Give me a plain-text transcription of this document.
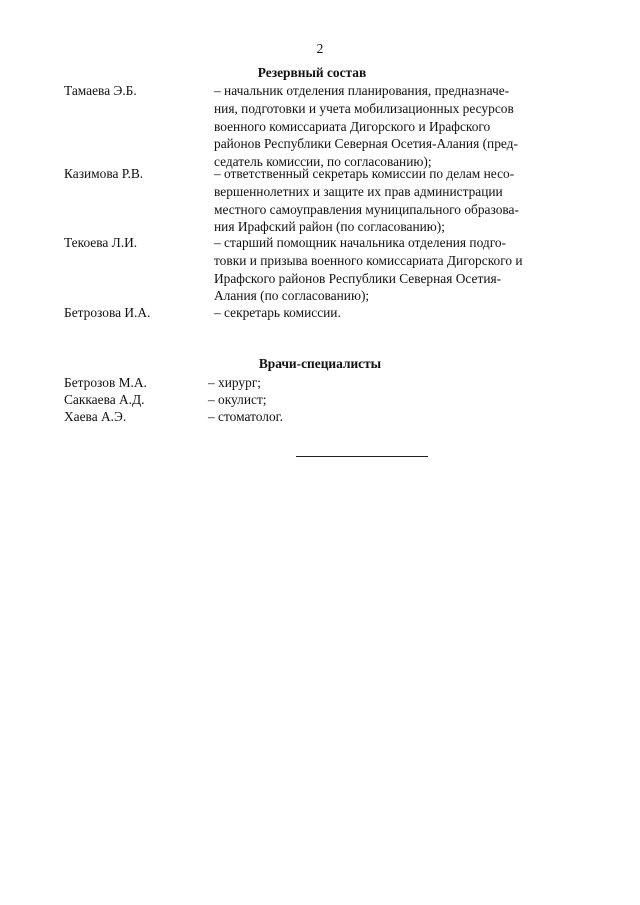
2
Резервный состав
Тамаева Э.Б.	– начальник отделения планирования, предназначе-
ния, подготовки и учета мобилизационных ресурсов
военного комиссариата Дигорского и Ирафского
районов Республики Северная Осетия-Алания (пред-
седатель комиссии, по согласованию);
Казимова Р.В.	– ответственный секретарь комиссии по делам несо-
вершеннолетних и защите их прав администрации
местного самоуправления муниципального образова-
ния Ирафский район (по согласованию);
Текоева Л.И.	– старший помощник начальника отделения подго-
товки и призыва военного комиссариата Дигорского и
Ирафского районов Республики Северная Осетия-
Алания (по согласованию);
Бетрозова И.А.	– секретарь комиссии.
Врачи-специалисты
Бетрозов М.А.	– хирург;
Саккаева А.Д.	– окулист;
Хаева А.Э.	– стоматолог.
